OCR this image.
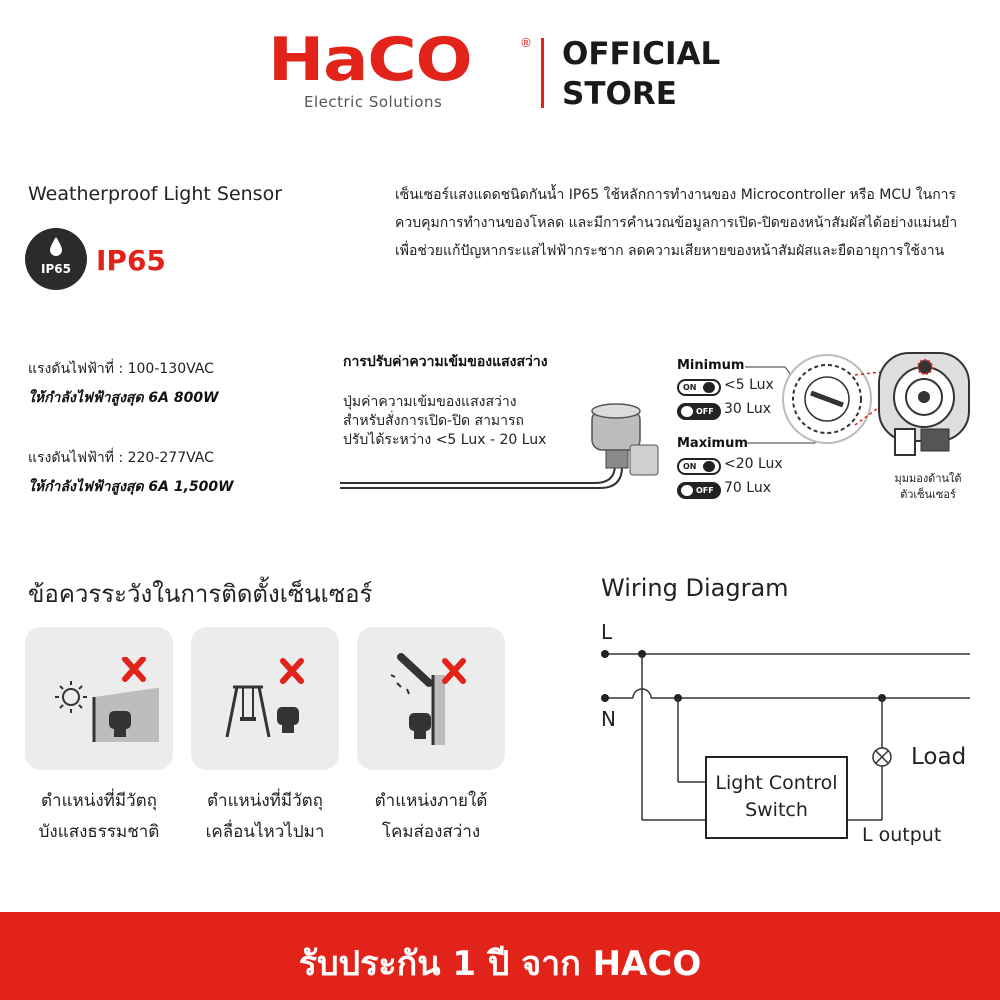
HaCO	®
Electric Solutions
OFFICIAL
STORE
Weatherproof Light Sensor
IP65 IP65
เซ็นเซอร์แสงแดดชนิดกันน้ำ IP65 ใช้หลักการทำงานของ Microcontroller หรือ MCU ในการควบคุมการทำงานของโหลด และมีการคำนวณข้อมูลการเปิด-ปิดของหน้าสัมผัสได้อย่างแม่นยำ เพื่อช่วยแก้ปัญหากระแสไฟฟ้ากระชาก ลดความเสียหายของหน้าสัมผัสและยืดอายุการใช้งาน
แรงดันไฟฟ้าที่ : 100-130VAC
ให้กำลังไฟฟ้าสูงสุด 6A 800W
แรงดันไฟฟ้าที่ : 220-277VAC
ให้กำลังไฟฟ้าสูงสุด 6A 1,500W
การปรับค่าความเข้มของแสงสว่าง
ปุ่มค่าความเข้มของแสงสว่าง
สำหรับสั่งการเปิด-ปิด สามารถ
ปรับได้ระหว่าง <5 Lux - 20 Lux
Minimum
Maximum
ON <5 Lux
OFF 30 Lux
ON <20 Lux
OFF 70 Lux
มุมมองด้านใต้
ตัวเซ็นเซอร์
ข้อควรระวังในการติดตั้งเซ็นเซอร์
ตำแหน่งที่มีวัตถุ
บังแสงธรรมชาติ
ตำแหน่งที่มีวัตถุ
เคลื่อนไหวไปมา
ตำแหน่งภายใต้
โคมส่องสว่าง
Wiring Diagram
L
N
Light Control
Switch
Load
L output
รับประกัน 1 ปี จาก HACO
